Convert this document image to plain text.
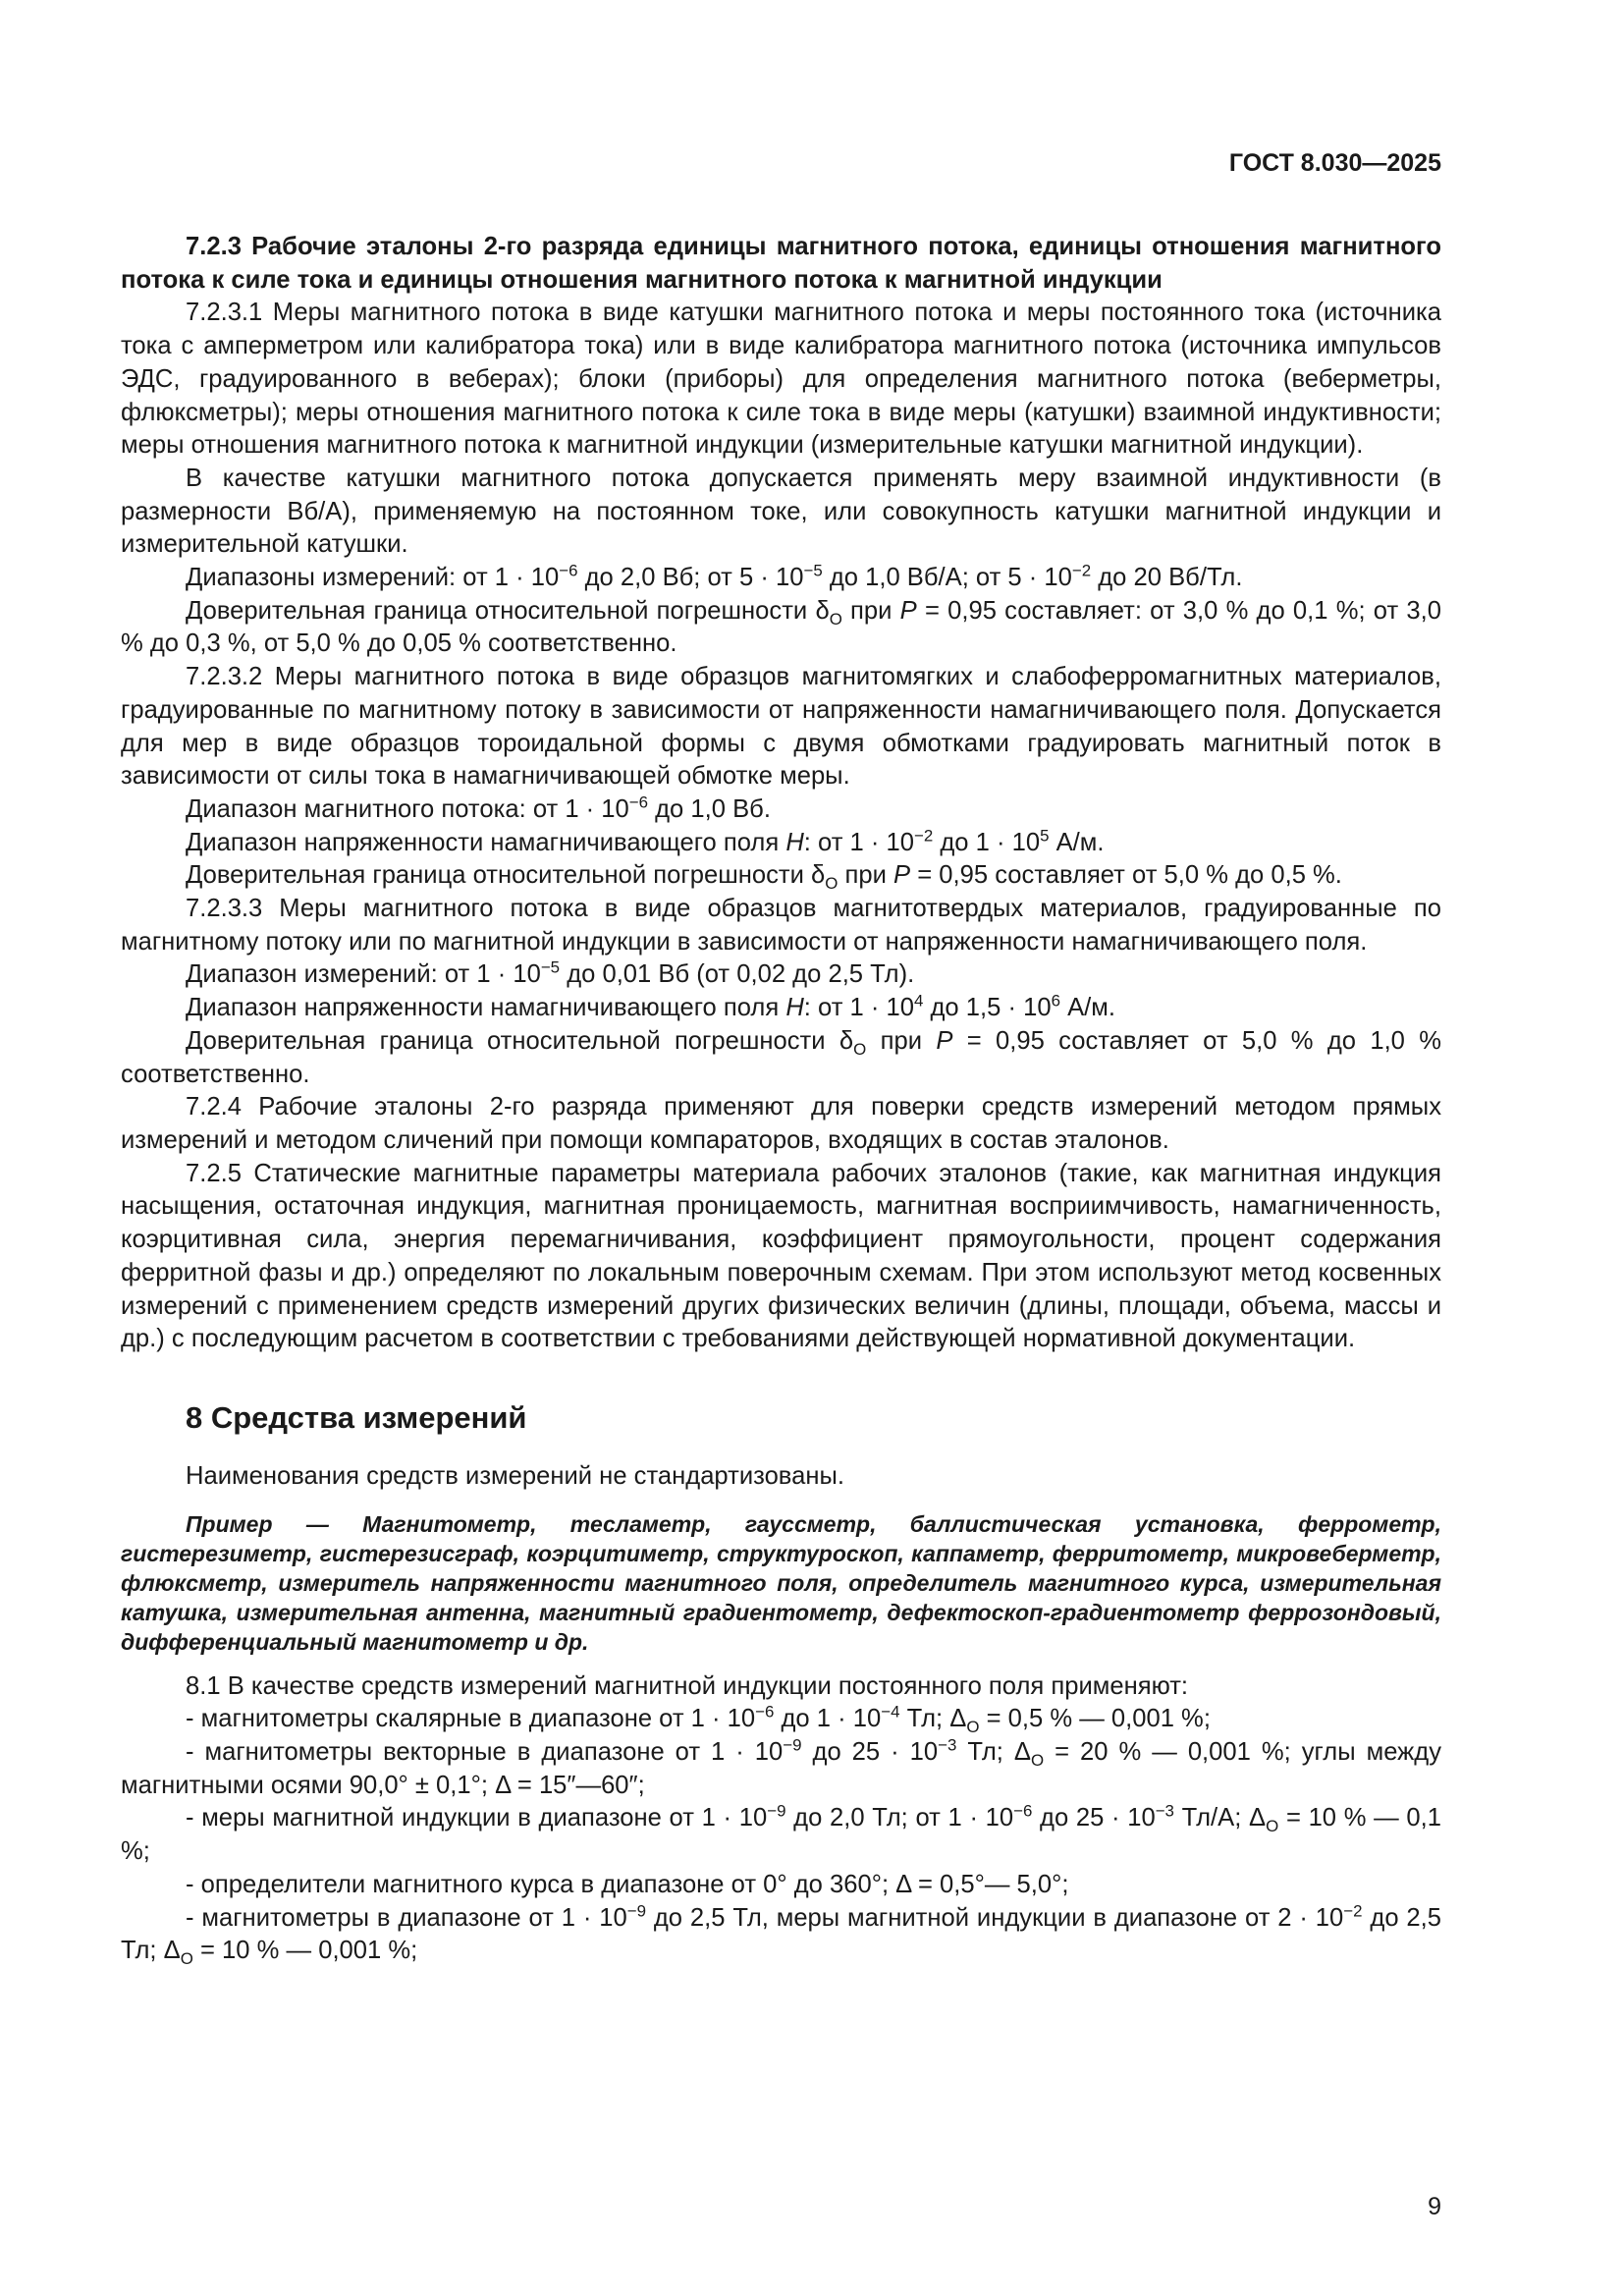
ГОСТ 8.030—2025

7.2.3 Рабочие эталоны 2-го разряда единицы магнитного потока, единицы отношения магнитного потока к силе тока и единицы отношения магнитного потока к магнитной индукции

7.2.3.1 Меры магнитного потока в виде катушки магнитного потока и меры постоянного тока (источника тока с амперметром или калибратора тока) или в виде калибратора магнитного потока (источника импульсов ЭДС, градуированного в веберах); блоки (приборы) для определения магнитного потока (веберметры, флюксметры); меры отношения магнитного потока к силе тока в виде меры (катушки) взаимной индуктивности; меры отношения магнитного потока к магнитной индукции (измерительные катушки магнитной индукции).

В качестве катушки магнитного потока допускается применять меру взаимной индуктивности (в размерности Вб/А), применяемую на постоянном токе, или совокупность катушки магнитной индукции и измерительной катушки.

Диапазоны измерений: от $1 \cdot 10^{-6}$ до 2,0 Вб; от $5 \cdot 10^{-5}$ до 1,0 Вб/А; от $5 \cdot 10^{-2}$ до 20 Вб/Тл.

Доверительная граница относительной погрешности $\delta_O$ при P = 0,95 составляет: от 3,0 % до 0,1 %; от 3,0 % до 0,3 %, от 5,0 % до 0,05 % соответственно.

7.2.3.2 Меры магнитного потока в виде образцов магнитомягких и слабоферромагнитных материалов, градуированные по магнитному потоку в зависимости от напряженности намагничивающего поля. Допускается для мер в виде образцов тороидальной формы с двумя обмотками градуировать магнитный поток в зависимости от силы тока в намагничивающей обмотке меры.

Диапазон магнитного потока: от $1 \cdot 10^{-6}$ до 1,0 Вб.

Диапазон напряженности намагничивающего поля H: от $1 \cdot 10^{-2}$ до $1 \cdot 10^5$ А/м.

Доверительная граница относительной погрешности $\delta_O$ при P = 0,95 составляет от 5,0 % до 0,5 %.

7.2.3.3 Меры магнитного потока в виде образцов магнитотвердых материалов, градуированные по магнитному потоку или по магнитной индукции в зависимости от напряженности намагничивающего поля.

Диапазон измерений: от $1 \cdot 10^{-5}$ до 0,01 Вб (от 0,02 до 2,5 Тл).

Диапазон напряженности намагничивающего поля H: от $1 \cdot 10^4$ до $1,5 \cdot 10^6$ А/м.

Доверительная граница относительной погрешности $\delta_O$ при P = 0,95 составляет от 5,0 % до 1,0 % соответственно.

7.2.4 Рабочие эталоны 2-го разряда применяют для поверки средств измерений методом прямых измерений и методом сличений при помощи компараторов, входящих в состав эталонов.

7.2.5 Статические магнитные параметры материала рабочих эталонов (такие, как магнитная индукция насыщения, остаточная индукция, магнитная проницаемость, магнитная восприимчивость, намагниченность, коэрцитивная сила, энергия перемагничивания, коэффициент прямоугольности, процент содержания ферритной фазы и др.) определяют по локальным поверочным схемам. При этом используют метод косвенных измерений с применением средств измерений других физических величин (длины, площади, объема, массы и др.) с последующим расчетом в соответствии с требованиями действующей нормативной документации.

8 Средства измерений

Наименования средств измерений не стандартизованы.

Пример — Магнитометр, тесламетр, гауссметр, баллистическая установка, феррометр, гистерезиметр, гистерезисграф, коэрцитиметр, структуроскоп, каппаметр, ферритометр, микровеберметр, флюксметр, измеритель напряженности магнитного поля, определитель магнитного курса, измерительная катушка, измерительная антенна, магнитный градиентометр, дефектоскоп-градиентометр феррозондовый, дифференциальный магнитометр и др.

8.1 В качестве средств измерений магнитной индукции постоянного поля применяют:

- магнитометры скалярные в диапазоне от $1 \cdot 10^{-6}$ до $1 \cdot 10^{-4}$ Тл; $\Delta_O = 0,5$ % — 0,001 %;

- магнитометры векторные в диапазоне от $1 \cdot 10^{-9}$ до $25 \cdot 10^{-3}$ Тл; $\Delta_O = 20$ % — 0,001 %; углы между магнитными осями 90,0° ± 0,1°; Δ = 15″—60″;

- меры магнитной индукции в диапазоне от $1 \cdot 10^{-9}$ до 2,0 Тл; от $1 \cdot 10^{-6}$ до $25 \cdot 10^{-3}$ Тл/А; $\Delta_O = 10$ % — 0,1 %;

- определители магнитного курса в диапазоне от 0° до 360°; Δ = 0,5°— 5,0°;

- магнитометры в диапазоне от $1 \cdot 10^{-9}$ до 2,5 Тл, меры магнитной индукции в диапазоне от $2 \cdot 10^{-2}$ до 2,5 Тл; $\Delta_O = 10$ % — 0,001 %;

9
